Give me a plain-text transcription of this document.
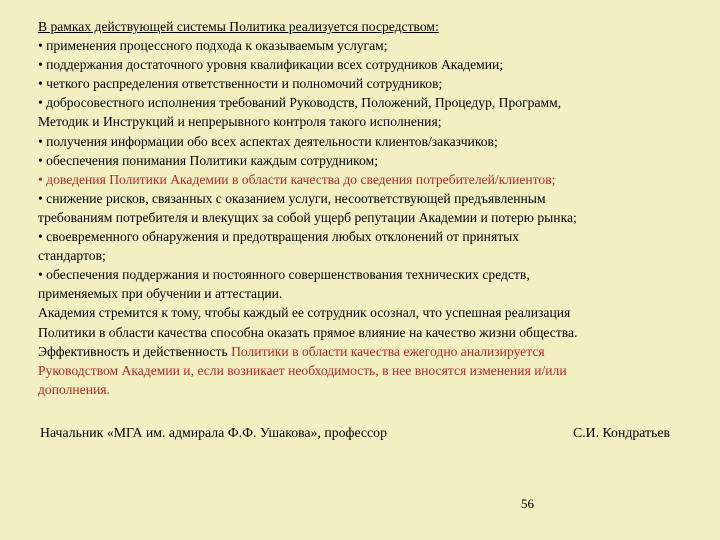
В рамках действующей системы Политика реализуется посредством:
• применения процессного подхода к оказываемым услугам;
• поддержания достаточного уровня квалификации всех сотрудников Академии;
• четкого распределения ответственности и полномочий сотрудников;
• добросовестного исполнения требований Руководств, Положений, Процедур, Программ,
Методик и Инструкций и непрерывного контроля такого исполнения;
• получения информации обо всех аспектах деятельности клиентов/заказчиков;
• обеспечения понимания Политики каждым сотрудником;
• доведения Политики Академии в области качества до сведения потребителей/клиентов;
• снижение рисков, связанных с оказанием услуги, несоответствующей предъявленным
требованиям потребителя и влекущих за собой ущерб репутации Академии и потерю рынка;
• своевременного обнаружения и предотвращения любых отклонений от принятых
стандартов;
• обеспечения поддержания и постоянного совершенствования технических средств,
применяемых при обучении и аттестации.
Академия стремится к тому, чтобы каждый ее сотрудник осознал, что успешная реализация
Политики в области качества способна оказать прямое влияние на качество жизни общества.
Эффективность и действенность Политики в области качества ежегодно анализируется
Руководством Академии и, если возникает необходимость, в нее вносятся изменения и/или
дополнения.
Начальник «МГА им. адмирала Ф.Ф. Ушакова», профессор	С.И. Кондратьев
56
